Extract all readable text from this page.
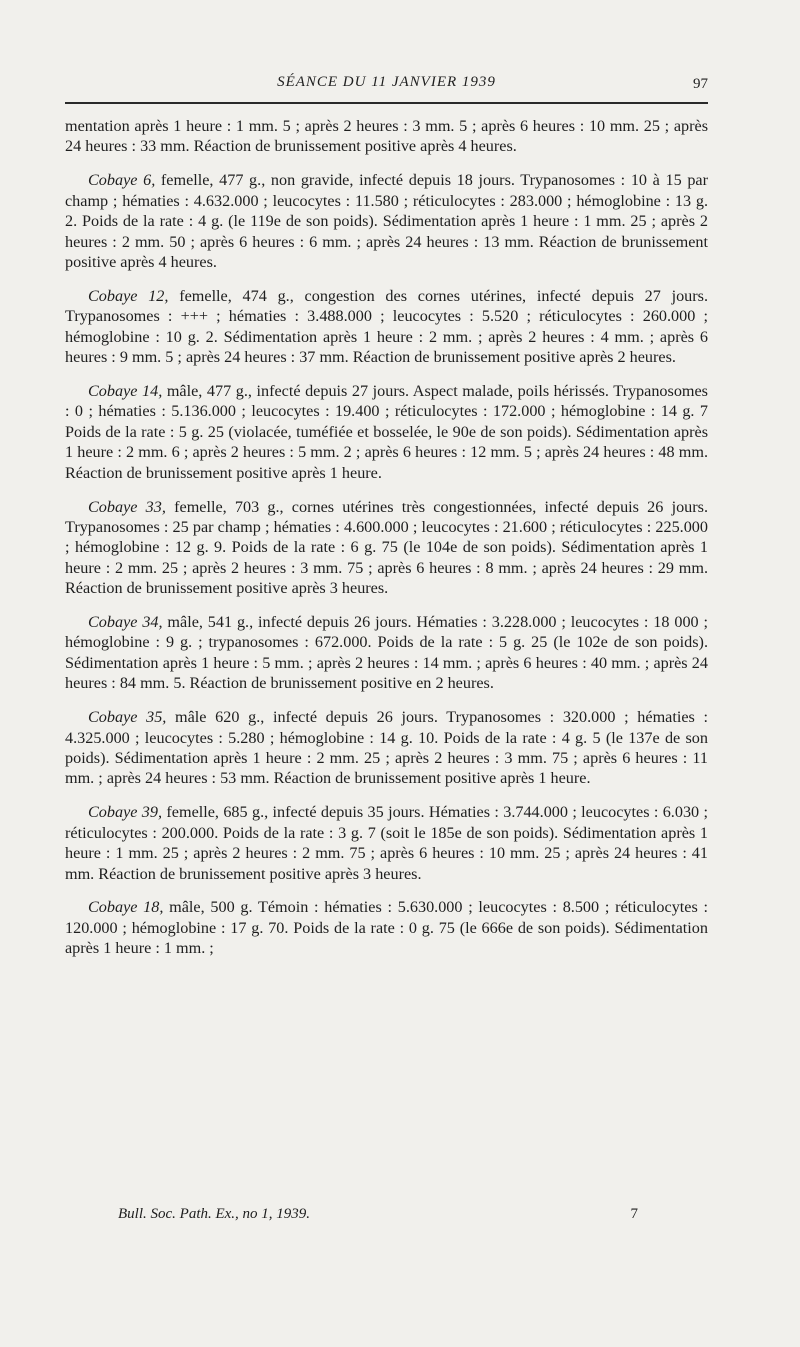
SÉANCE DU 11 JANVIER 1939	97

mentation après 1 heure : 1 mm. 5 ; après 2 heures : 3 mm. 5 ; après 6 heures : 10 mm. 25 ; après 24 heures : 33 mm. Réaction de brunissement positive après 4 heures.

Cobaye 6, femelle, 477 g., non gravide, infecté depuis 18 jours. Trypanosomes : 10 à 15 par champ ; hématies : 4.632.000 ; leucocytes : 11.580 ; réticulocytes : 283.000 ; hémoglobine : 13 g. 2. Poids de la rate : 4 g. (le 119e de son poids). Sédimentation après 1 heure : 1 mm. 25 ; après 2 heures : 2 mm. 50 ; après 6 heures : 6 mm. ; après 24 heures : 13 mm. Réaction de brunissement positive après 4 heures.

Cobaye 12, femelle, 474 g., congestion des cornes utérines, infecté depuis 27 jours. Trypanosomes : +++ ; hématies : 3.488.000 ; leucocytes : 5.520 ; réticulocytes : 260.000 ; hémoglobine : 10 g. 2. Sédimentation après 1 heure : 2 mm. ; après 2 heures : 4 mm. ; après 6 heures : 9 mm. 5 ; après 24 heures : 37 mm. Réaction de brunissement positive après 2 heures.

Cobaye 14, mâle, 477 g., infecté depuis 27 jours. Aspect malade, poils hérissés. Trypanosomes : 0 ; hématies : 5.136.000 ; leucocytes : 19.400 ; réticulocytes : 172.000 ; hémoglobine : 14 g. 7 Poids de la rate : 5 g. 25 (violacée, tuméfiée et bosselée, le 90e de son poids). Sédimentation après 1 heure : 2 mm. 6 ; après 2 heures : 5 mm. 2 ; après 6 heures : 12 mm. 5 ; après 24 heures : 48 mm. Réaction de brunissement positive après 1 heure.

Cobaye 33, femelle, 703 g., cornes utérines très congestionnées, infecté depuis 26 jours. Trypanosomes : 25 par champ ; hématies : 4.600.000 ; leucocytes : 21.600 ; réticulocytes : 225.000 ; hémoglobine : 12 g. 9. Poids de la rate : 6 g. 75 (le 104e de son poids). Sédimentation après 1 heure : 2 mm. 25 ; après 2 heures : 3 mm. 75 ; après 6 heures : 8 mm. ; après 24 heures : 29 mm. Réaction de brunissement positive après 3 heures.

Cobaye 34, mâle, 541 g., infecté depuis 26 jours. Hématies : 3.228.000 ; leucocytes : 18 000 ; hémoglobine : 9 g. ; trypanosomes : 672.000. Poids de la rate : 5 g. 25 (le 102e de son poids). Sédimentation après 1 heure : 5 mm. ; après 2 heures : 14 mm. ; après 6 heures : 40 mm. ; après 24 heures : 84 mm. 5. Réaction de brunissement positive en 2 heures.

Cobaye 35, mâle 620 g., infecté depuis 26 jours. Trypanosomes : 320.000 ; hématies : 4.325.000 ; leucocytes : 5.280 ; hémoglobine : 14 g. 10. Poids de la rate : 4 g. 5 (le 137e de son poids). Sédimentation après 1 heure : 2 mm. 25 ; après 2 heures : 3 mm. 75 ; après 6 heures : 11 mm. ; après 24 heures : 53 mm. Réaction de brunissement positive après 1 heure.

Cobaye 39, femelle, 685 g., infecté depuis 35 jours. Hématies : 3.744.000 ; leucocytes : 6.030 ; réticulocytes : 200.000. Poids de la rate : 3 g. 7 (soit le 185e de son poids). Sédimentation après 1 heure : 1 mm. 25 ; après 2 heures : 2 mm. 75 ; après 6 heures : 10 mm. 25 ; après 24 heures : 41 mm. Réaction de brunissement positive après 3 heures.

Cobaye 18, mâle, 500 g. Témoin : hématies : 5.630.000 ; leucocytes : 8.500 ; réticulocytes : 120.000 ; hémoglobine : 17 g. 70. Poids de la rate : 0 g. 75 (le 666e de son poids). Sédimentation après 1 heure : 1 mm. ;

Bull. Soc. Path. Ex., no 1, 1939.	7
